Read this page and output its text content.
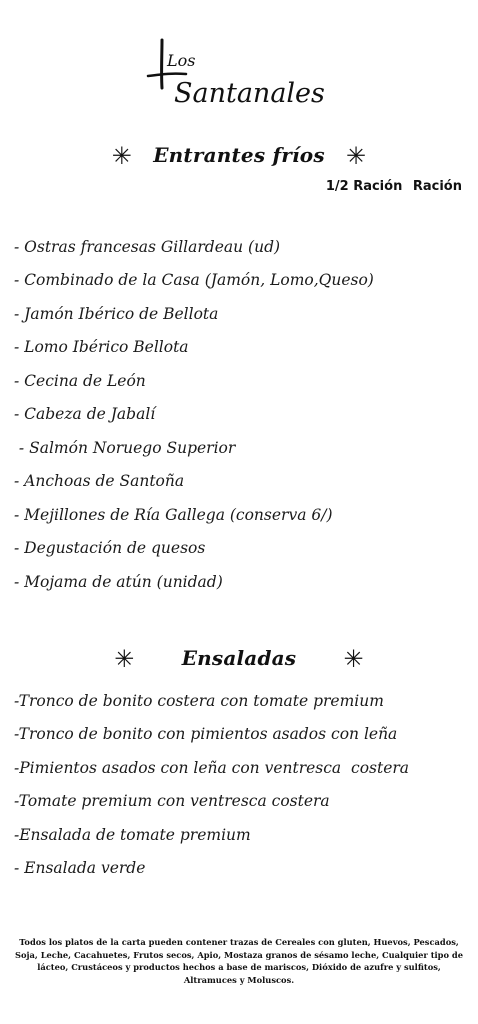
Los
Santanales
✳ Entrantes fríos ✳
1/2 Ración Ración
- Ostras francesas Gillardeau (ud)
- Combinado de la Casa (Jamón, Lomo,Queso)
- Jamón Ibérico de Bellota
- Lomo Ibérico Bellota
- Cecina de León
- Cabeza de Jabalí
- Salmón Noruego Superior
- Anchoas de Santoña
- Mejillones de Ría Gallega (conserva 6/)
- Degustación de quesos
- Mojama de atún (unidad)
✳ Ensaladas ✳
-Tronco de bonito costera con tomate premium
-Tronco de bonito con pimientos asados con leña
-Pimientos asados con leña con ventresca  costera
-Tomate premium con ventresca costera
-Ensalada de tomate premium
- Ensalada verde
Todos los platos de la carta pueden contener trazas de Cereales con gluten, Huevos, Pescados, Soja, Leche, Cacahuetes, Frutos secos, Apio, Mostaza granos de sésamo leche, Cualquier tipo de lácteo, Crustáceos y productos hechos a base de mariscos, Dióxido de azufre y sulfitos, Altramuces y Moluscos.
